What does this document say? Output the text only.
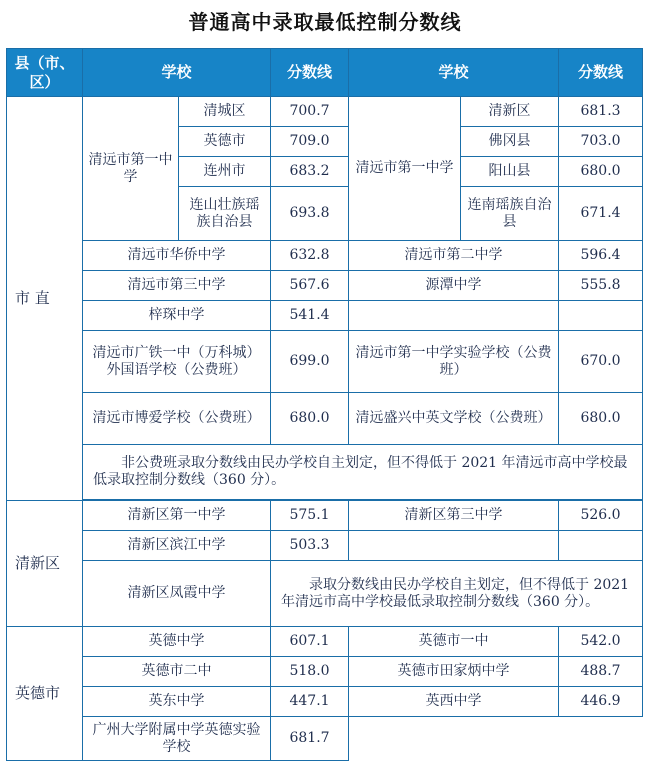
普通高中录取最低控制分数线
县（市、区）	学校		分数线	学校		分数线
市 直	清远市第一中学	清城区	700.7	清远市第一中学	清新区	681.3
		英德市	709.0		佛冈县	703.0
		连州市	683.2		阳山县	680.0
		连山壮族瑶族自治县	693.8		连南瑶族自治县	671.4
	清远市华侨中学		632.8	清远市第二中学		596.4
	清远市第三中学		567.6	源潭中学		555.8
	梓琛中学		541.4			
	清远市广铁一中（万科城）外国语学校（公费班）		699.0	清远市第一中学实验学校（公费班）		670.0
	清远市博爱学校（公费班）		680.0	清远盛兴中英文学校（公费班）		680.0
	非公费班录取分数线由民办学校自主划定，但不得低于 2021 年清远市高中学校最低录取控制分数线（360 分）。					

清新区	清新区第一中学		575.1	清新区第三中学		526.0
	清新区滨江中学		503.3			
	清新区凤霞中学		录取分数线由民办学校自主划定，但不得低于 2021 年清远市高中学校最低录取控制分数线（360 分）。			
英德市	英德中学		607.1	英德市一中		542.0
	英德市二中		518.0	英德市田家炳中学		488.7
	英东中学		447.1	英西中学		446.9
	广州大学附属中学英德实验学校		681.7			
